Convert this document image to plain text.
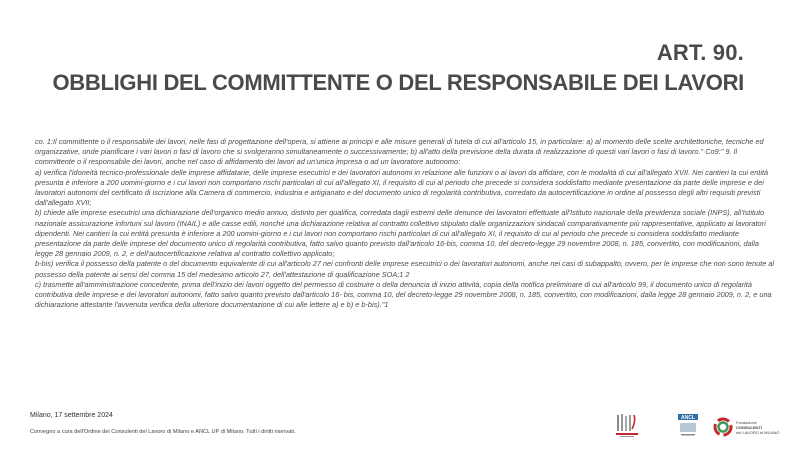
ART. 90.
OBBLIGHI DEL COMMITTENTE O DEL RESPONSABILE DEI LAVORI

co. 1:Il committente o il responsabile dei lavori, nelle fasi di progettazione dell'opera, si attiene ai principi e alle misure generali di tutela di cui all'articolo 15, in particolare: a) al momento delle scelte architettoniche, tecniche ed organizzative, onde pianificare i vari lavori o fasi di lavoro che si svolgeranno simultaneamente o successivamente; b) all'atto della previsione della durata di realizzazione di questi vari lavori o fasi di lavoro." Co9:" 9. Il committente o il responsabile dei lavori, anche nel caso di affidamento dei lavori ad un'unica impresa o ad un lavoratore autonomo:

a) verifica l'idoneità tecnico-professionale delle imprese affidatarie, delle imprese esecutrici e dei lavoratori autonomi in relazione alle funzioni o ai lavori da affidare, con le modalità di cui all'allegato XVII. Nei cantieri la cui entità presunta è inferiore a 200 uomini-giorno e i cui lavori non comportano rischi particolari di cui all'allegato XI, il requisito di cui al periodo che precede si considera soddisfatto mediante presentazione da parte delle imprese e dei lavoratori autonomi del certificato di iscrizione alla Camera di commercio, industria e artigianato e del documento unico di regolarità contributiva, corredato da autocertificazione in ordine al possesso degli altri requisiti previsti dall'allegato XVII;

b) chiede alle imprese esecutrici una dichiarazione dell'organico medio annuo, distinto per qualifica, corredata dagli estremi delle denunce dei lavoratori effettuate all'Istituto nazionale della previdenza sociale (INPS), all'Istituto nazionale assicurazione infortuni sul lavoro (INAIL) e alle casse edili, nonché una dichiarazione relativa al contratto collettivo stipulato dalle organizzazioni sindacali comparativamente più rappresentative, applicato ai lavoratori dipendenti. Nei cantieri la cui entità presunta è inferiore a 200 uomini-giorno e i cui lavori non comportano rischi particolari di cui all'allegato XI, il requisito di cui al periodo che precede si considera soddisfatto mediante presentazione da parte delle imprese del documento unico di regolarità contributiva, fatto salvo quanto previsto dall'articolo 16-bis, comma 10, del decreto-legge 29 novembre 2008, n. 185, convertito, con modificazioni, dalla legge 28 gennaio 2009, n. 2, e dell'autocertificazione relativa al contratto collettivo applicato;

b-bis) verifica il possesso della patente o del documento equivalente di cui all'articolo 27 nei confronti delle imprese esecutrici o dei lavoratori autonomi, anche nei casi di subappalto, ovvero, per le imprese che non sono tenute al possesso della patente ai sensi del comma 15 del medesimo articolo 27, dell'attestazione di qualificazione SOA;1 2

c) trasmette all'amministrazione concedente, prima dell'inizio dei lavori oggetto del permesso di costruire o della denuncia di inizio attività, copia della notifica preliminare di cui all'articolo 99, il documento unico di regolarità contributiva delle imprese e dei lavoratori autonomi, fatto salvo quanto previsto dall'articolo 16- bis, comma 10, del decreto-legge 29 novembre 2008, n. 185, convertito, con modificazioni, dalla legge 28 gennaio 2009, n. 2, e una dichiarazione attestante l'avvenuta verifica della ulteriore documentazione di cui alle lettere a) e b) e b-bis)."1

Milano, 17 settembre 2024
Convegno a cura dell'Ordine dei Consulenti del Lavoro di Milano e ANCL UP di Milano. Tutti i diritti riservati.
ANCL
Fondazione
CONSULENTI
del LAVORO di MILANO
